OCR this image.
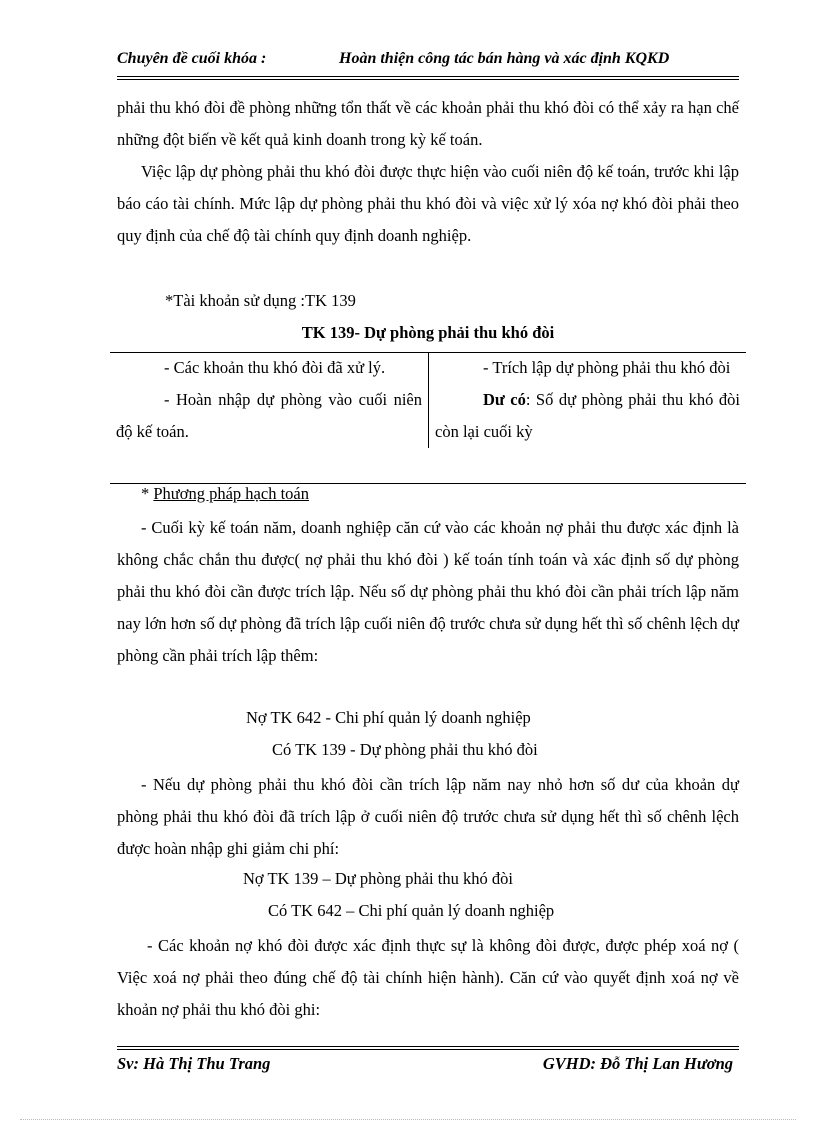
Chuyên đề cuối khóa :	Hoàn thiện công tác bán hàng và xác định KQKD
phải thu khó đòi đề phòng những tổn thất về các khoản phải thu khó đòi có thể xảy ra hạn chế những đột biến về kết quả kinh doanh trong kỳ kế toán.
Việc lập dự phòng phải thu khó đòi được thực hiện vào cuối niên độ kế toán, trước khi lập báo cáo tài chính. Mức lập dự phòng phải thu khó đòi và việc xử lý xóa nợ khó đòi phải theo quy định của chế độ tài chính quy định doanh nghiệp.
*Tài khoản sử dụng :TK 139
TK 139- Dự phòng phải thu khó đòi
- Các khoản thu khó đòi đã xử lý.	- Trích lập dự phòng phải thu khó đòi
- Hoàn nhập dự phòng vào cuối niên độ kế toán.	Dư có: Số dự phòng phải thu khó đòi còn lại cuối kỳ
* Phương pháp hạch toán
- Cuối kỳ kế toán năm, doanh nghiệp căn cứ vào các khoản nợ phải thu được xác định là không chắc chắn thu được( nợ phải thu khó đòi ) kế toán tính toán và xác định số dự phòng phải thu khó đòi cần được trích lập. Nếu số dự phòng phải thu khó đòi cần phải trích lập năm nay lớn hơn số dự phòng đã trích lập cuối niên độ trước chưa sử dụng hết thì số chênh lệch dự phòng cần phải trích lập thêm:
Nợ TK 642 - Chi phí quản lý doanh nghiệp
Có TK 139 - Dự phòng phải thu khó đòi
- Nếu dự phòng phải thu khó đòi cần trích lập năm nay nhỏ hơn số dư của khoản dự phòng phải thu khó đòi đã trích lập ở cuối niên độ trước chưa sử dụng hết thì số chênh lệch được hoàn nhập ghi giảm chi phí:
Nợ TK 139 – Dự phòng phải thu khó đòi
Có TK 642 – Chi phí quản lý doanh nghiệp
- Các khoản nợ khó đòi được xác định thực sự là không đòi được, được phép xoá nợ ( Việc xoá nợ phải theo đúng chế độ tài chính hiện hành). Căn cứ vào quyết định xoá nợ về khoản nợ phải thu khó đòi ghi:
Sv: Hà Thị Thu Trang	GVHD: Đỗ Thị Lan Hương
